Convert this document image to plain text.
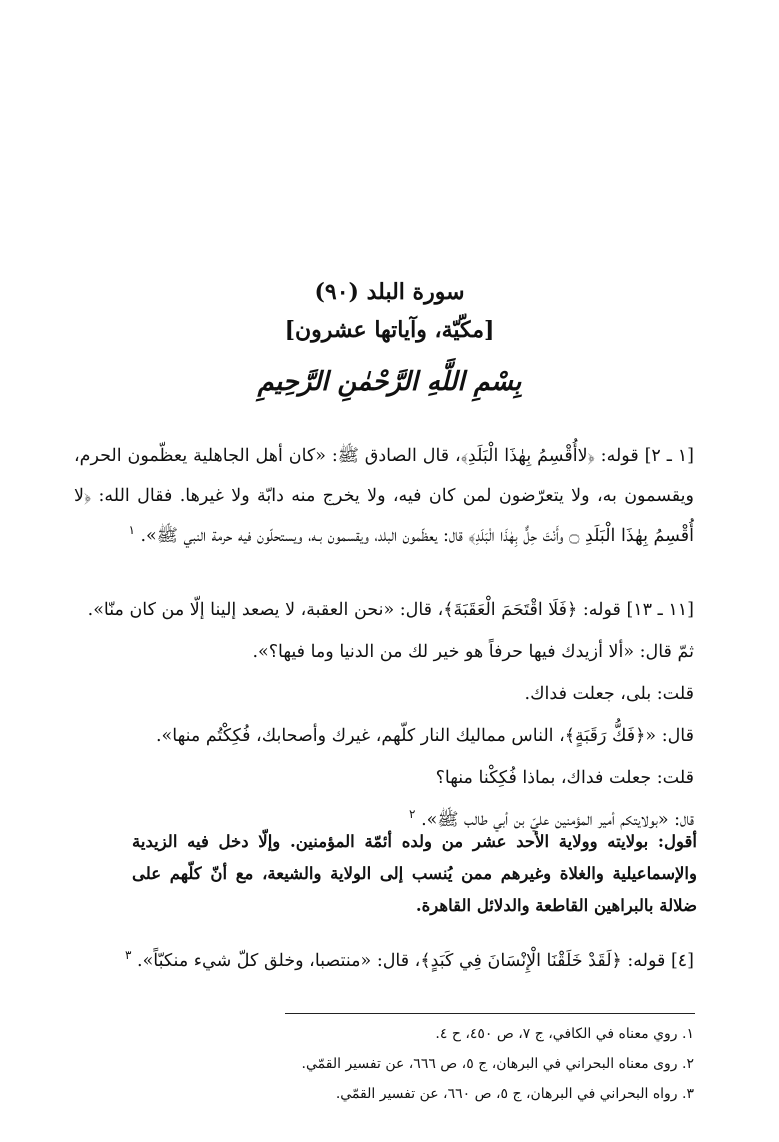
سورة البلد (٩٠)
[مكّيّة، وآياتها عشرون]
بِسْمِ اللَّهِ الرَّحْمٰنِ الرَّحِيمِ
[١ ـ ٢] قوله: ﴿لاأُقْسِمُ بِهٰذَا الْبَلَدِ﴾، قال الصادق ﷺ: «كان أهل الجاهلية يعظّمون الحرم، ويقسمون به، ولا يتعرّضون لمن كان فيه، ولا يخرج منه دابّة ولا غيرها. فقال الله: ﴿لا أُقْسِمُ بِهٰذَا الْبَلَدِ ۝ وأَنْتَ حِلٌّ بِهٰذَا الْبَلَدِ﴾ قال: يعظّمون البلد، ويقسمون بـه، ويستحلّون فيه حرمة النبي ﷺ». $^١$
[١١ ـ ١٣] قوله: ﴿فَلَا اقْتَحَمَ الْعَقَبَةَ﴾، قال: «نحن العقبة، لا يصعد إلينا إلّا من كان منّا».
ثمّ قال: «ألا أزيدك فيها حرفاً هو خير لك من الدنيا وما فيها؟».
قلت: بلى، جعلت فداك.
قال: «﴿فَكُّ رَقَبَةٍ﴾، الناس مماليك النار كلّهم، غيرك وأصحابك، فُكِكْتُم منها».
قلت: جعلت فداك، بماذا فُكِكْنا منها؟
قال: «بولايتكم أمير المؤمنين عليّ بن أبي طالب ﷺ». $^٢$
أقول: بولايته وولاية الأحد عشر من ولده أئمّة المؤمنين. وإلّا دخل فيه الزيدية والإسماعيلية والغلاة وغيرهم ممن يُنسب إلى الولاية والشيعة، مع أنّ كلّهم على ضلالة بالبراهين القاطعة والدلائل القاهرة.
[٤] قوله: ﴿لَقَدْ خَلَقْنَا الْإِنْسَانَ فِي كَبَدٍ﴾، قال: «منتصبا، وخلق كلّ شيء منكبّاً». $^٣$
١. روي معناه في الكافي، ج ٧، ص ٤٥٠، ح ٤.
٢. روى معناه البحراني في البرهان، ج ٥، ص ٦٦٦، عن تفسير القمّي.
٣. رواه البحراني في البرهان، ج ٥، ص ٦٦٠، عن تفسير القمّي.
